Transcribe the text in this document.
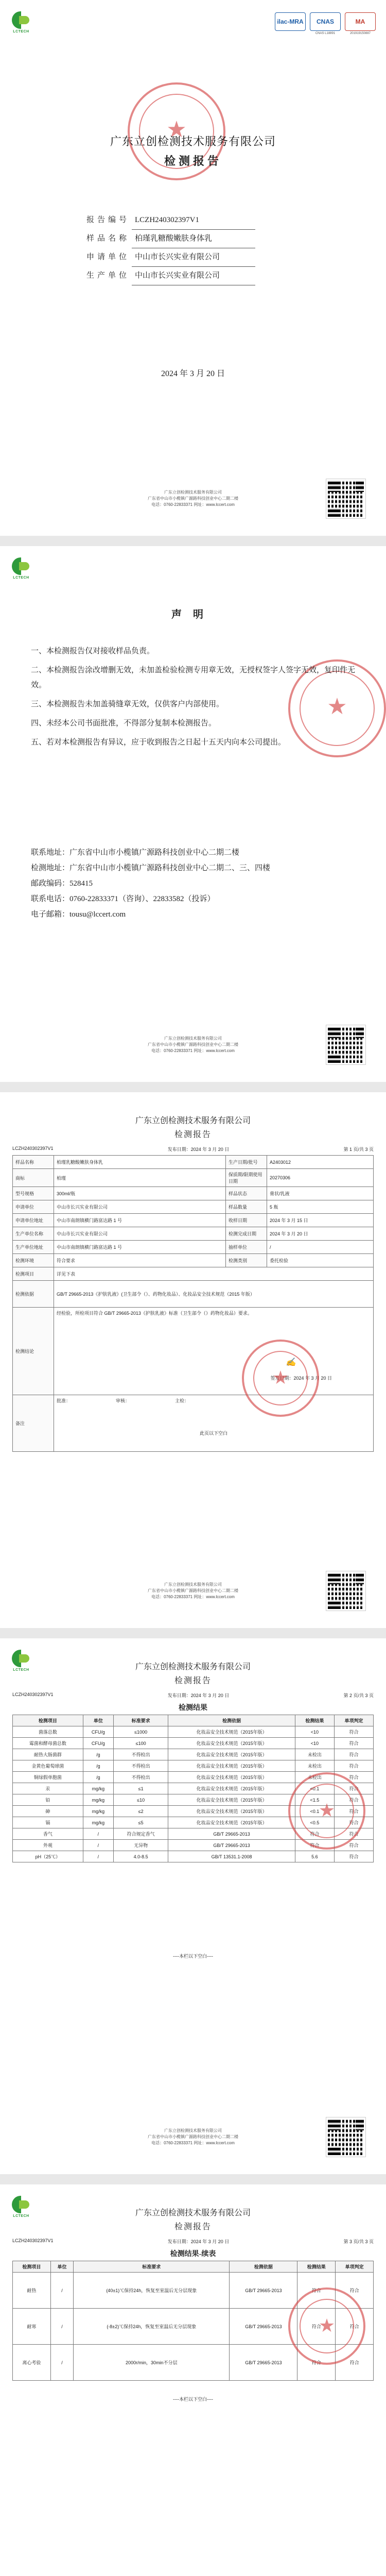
LCTECH
ilac-MRA	CNAS
CNAS L18891
MA
201919150887
★
广东立创检测技术服务有限公司
检测报告
报告编号 LCZH240302397V1
样品名称 柏瑾乳糖酸嫩肤身体乳
申请单位 中山市长兴实业有限公司
生产单位 中山市长兴实业有限公司
2024 年 3 月 20 日
广东立创检测技术服务有限公司
广东省中山市小榄镇广源路科技创业中心二期二楼
电话：0760-22833371 网址：www.lccert.com
LCTECH
声明
★

一、本检测报告仅对接收样品负责。

二、本检测报告涂改增删无效，未加盖检验检测专用章无效，无授权签字人签字无效，复印件无效。

三、本检测报告未加盖骑缝章无效，仅供客户内部使用。

四、未经本公司书面批准，不得部分复制本检测报告。

五、若对本检测报告有异议，应于收到报告之日起十五天内向本公司提出。

联系地址：广东省中山市小榄镇广源路科技创业中心二期二楼
检测地址：广东省中山市小榄镇广源路科技创业中心二期二、三、四楼
邮政编码：528415
联系电话：0760-22833371（咨询）、22833582（投诉）
电子邮箱：tousu@lccert.com
广东立创检测技术服务有限公司
广东省中山市小榄镇广源路科技创业中心二期二楼
电话：0760-22833371 网址：www.lccert.com
广东立创检测技术服务有限公司
检测报告
LCZH240302397V1	发布日期：2024 年 3 月 20 日	第 1 页/共 3 页
样品名称	柏瑾乳糖酸嫩肤身体乳	生产日期/批号	A2403012
商标	柏瑾	保质期/限期使用日期	20270306
型号规格	300ml/瓶	样品状态	膏状/乳液
申请单位	中山市长兴实业有限公司	样品数量	5 瓶
申请单位地址	中山市南朗镇横门路富达路 1 号	收样日期	2024 年 3 月 15 日
生产单位名称	中山市长兴实业有限公司	检测完成日期	2024 年 3 月 20 日
生产单位地址	中山市南朗镇横门路富达路 1 号	抽样单位	/
检测环境	符合要求	检测类别	委托检验
检测项目	详见下表		
检测依据	GB/T 29665-2013《护肤乳液》(卫生部令（）、药物化妆品）、化妆品安全技术规范（2015 年版）		
检测结论	经检验，所检项目符合 GB/T 29665-2013《护肤乳液》标准（卫生部令（）药物化妆品）要求。
✍
签发日期：2024 年 3 月 20 日		

备注	批准：　　　　　　　　　　 审核：　　　　　　　　　　 主检：
此页以下空白		
★
广东立创检测技术服务有限公司
广东省中山市小榄镇广源路科技创业中心二期二楼
电话：0760-22833371 网址：www.lccert.com
LCTECH	广东立创检测技术服务有限公司
检测报告
LCZH240302397V1	发布日期：2024 年 3 月 20 日	第 2 页/共 3 页
检测结果
检测项目	单位	标准要求	检测依据	检测结果	单项判定
菌落总数	CFU/g	≤1000	化妆品安全技术规范（2015年版）	<10	符合
霉菌和酵母菌总数	CFU/g	≤100	化妆品安全技术规范（2015年版）	<10	符合
耐热大肠菌群	/g	不得检出	化妆品安全技术规范（2015年版）	未检出	符合
金黄色葡萄球菌	/g	不得检出	化妆品安全技术规范（2015年版）	未检出	符合
铜绿假单胞菌	/g	不得检出	化妆品安全技术规范（2015年版）	未检出	符合
汞	mg/kg	≤1	化妆品安全技术规范（2015年版）	<0.1	符合
铅	mg/kg	≤10	化妆品安全技术规范（2015年版）	<1.5	符合
砷	mg/kg	≤2	化妆品安全技术规范（2015年版）	<0.1	符合
镉	mg/kg	≤5	化妆品安全技术规范（2015年版）	<0.5	符合
香气	/	符合规定香气	GB/T 29665-2013	符合	符合
外观	/	无异物	GB/T 29665-2013	符合	符合
pH（25℃）	/	4.0-8.5	GB/T 13531.1-2008	5.6	符合
----本栏以下空白----
★
广东立创检测技术服务有限公司
广东省中山市小榄镇广源路科技创业中心二期二楼
电话：0760-22833371 网址：www.lccert.com
LCTECH	广东立创检测技术服务有限公司
检测报告
LCZH240302397V1	发布日期：2024 年 3 月 20 日	第 3 页/共 3 页
检测结果-续表
检测项目	单位	标准要求	检测依据	检测结果	单项判定
耐热	/	(40±1)℃保持24h，恢复至室温后无分层现象	GB/T 29665-2013	符合	符合
耐寒	/	(-8±2)℃保持24h，恢复至室温后无分层现象	GB/T 29665-2013	符合	符合
离心考验	/	2000r/min，30min不分层	GB/T 29665-2013	符合	符合
----本栏以下空白----
★
